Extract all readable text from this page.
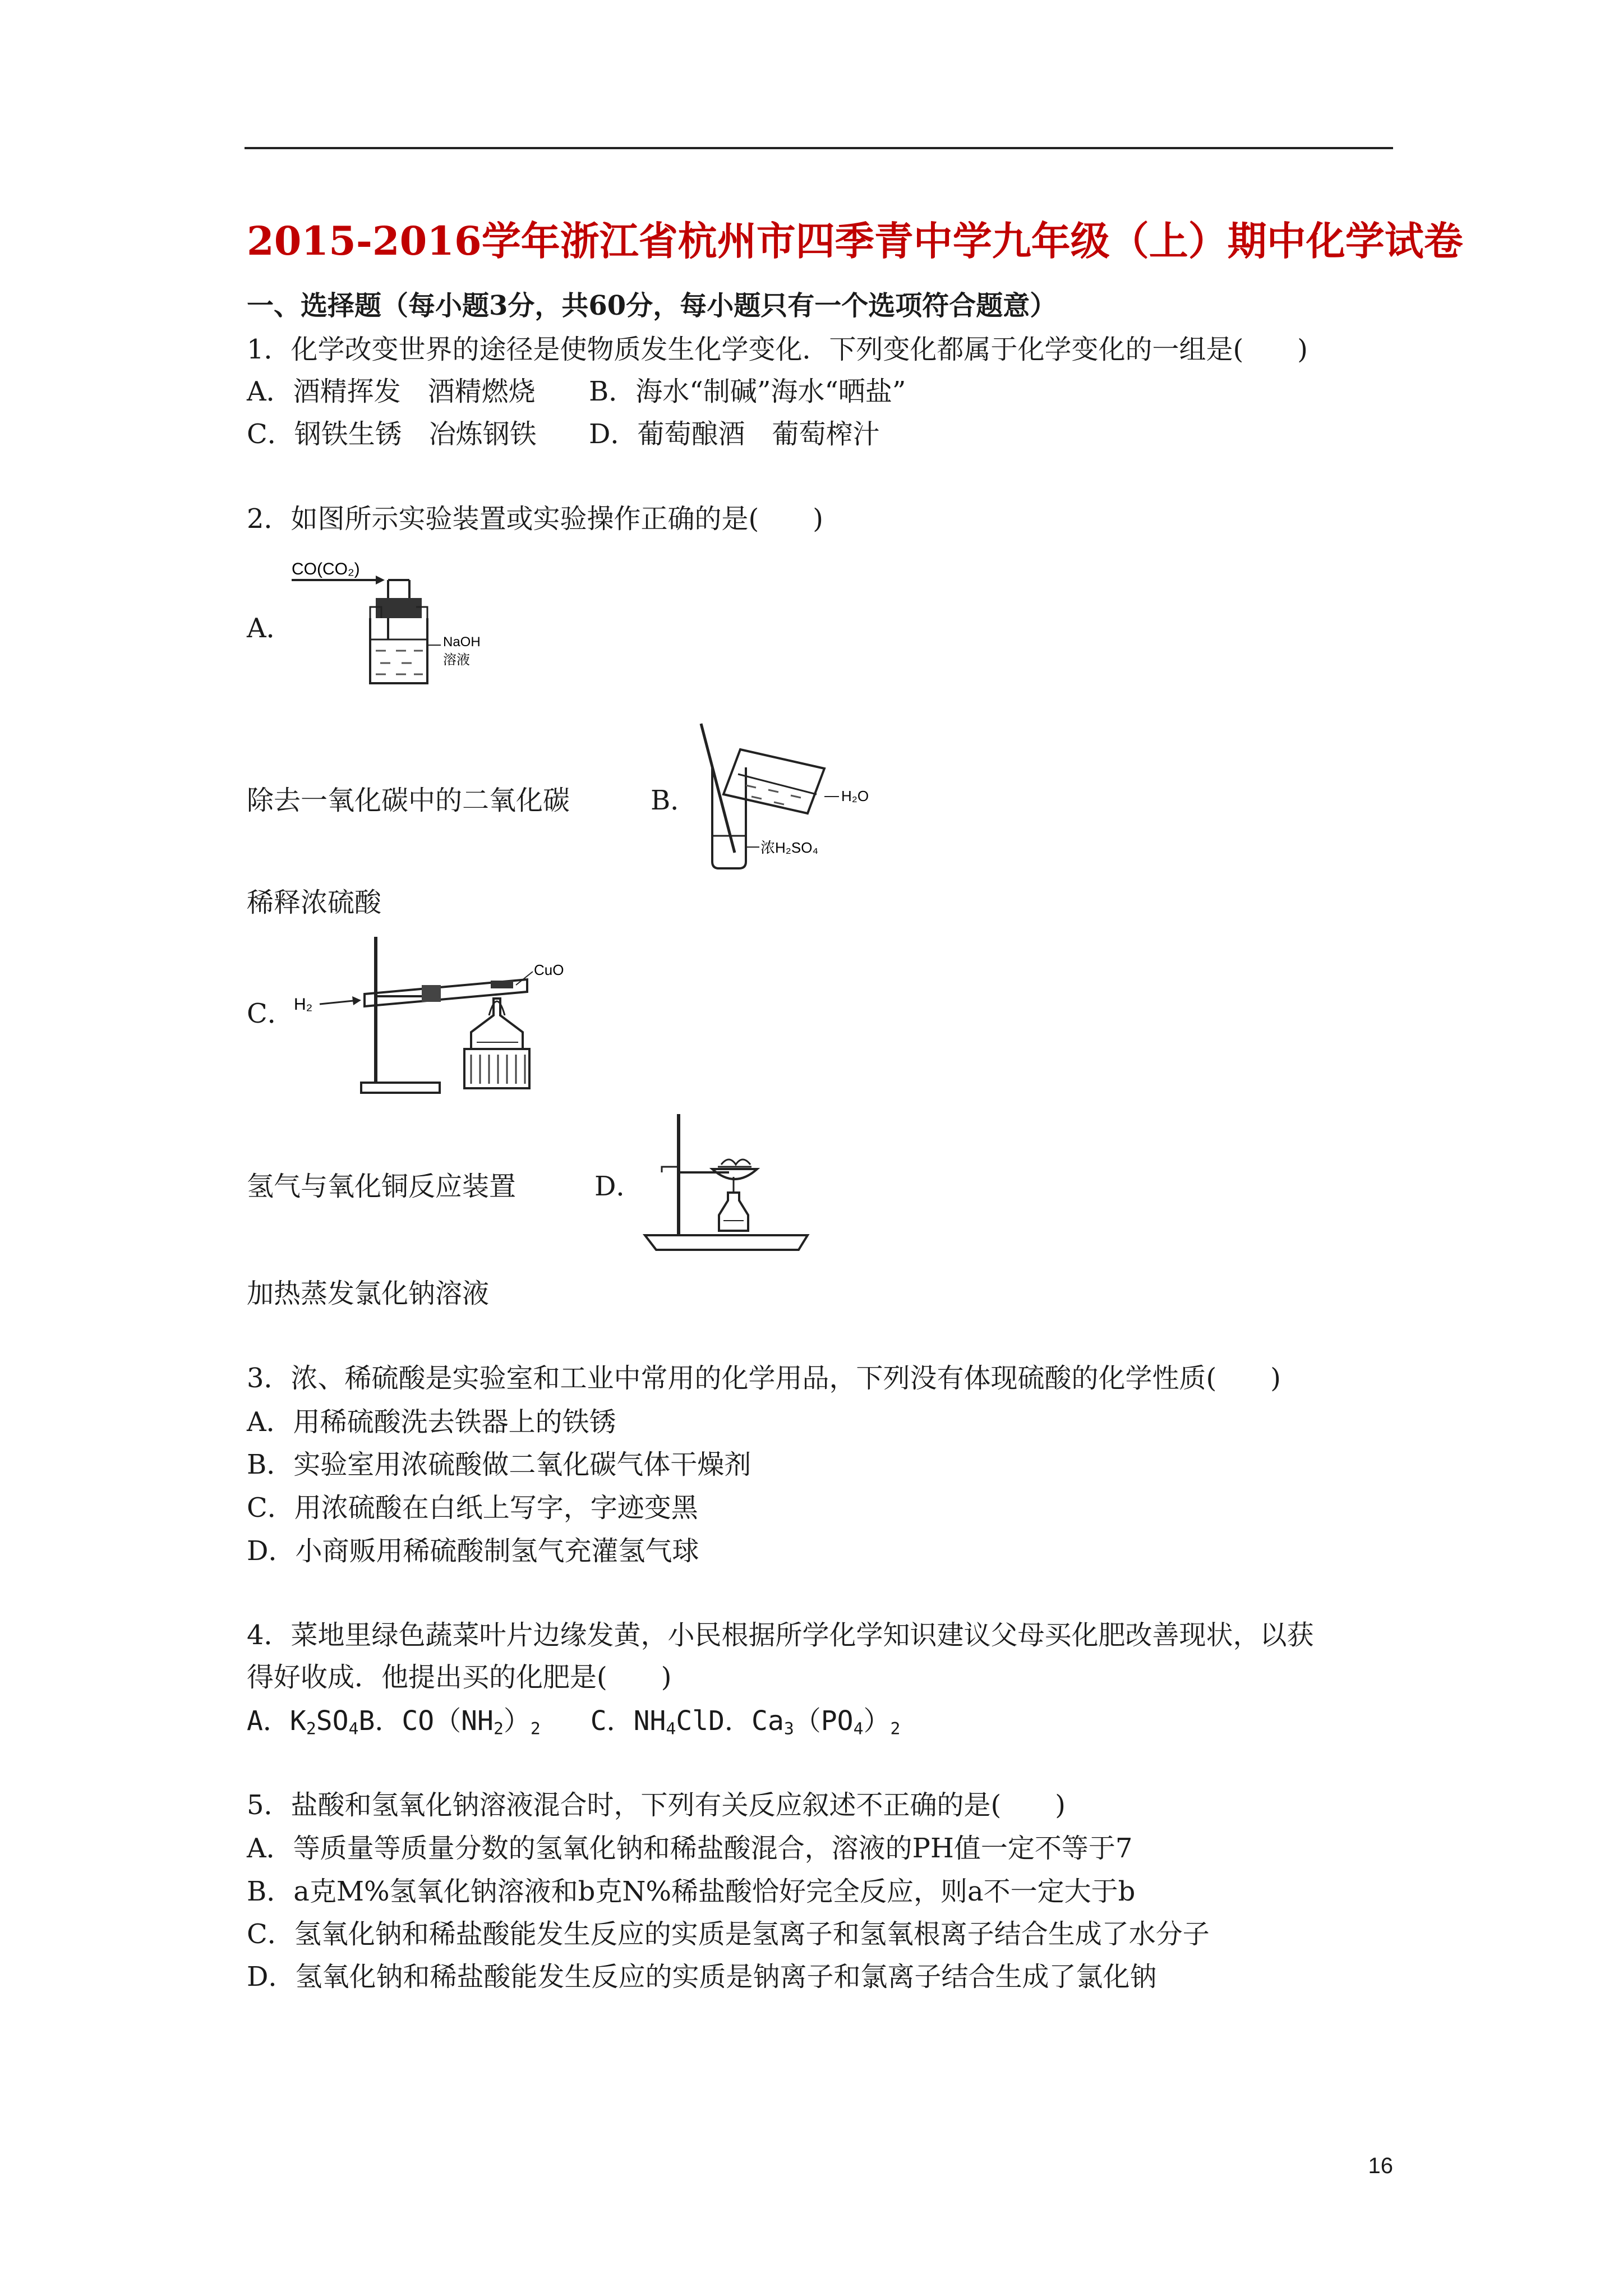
2015-2016学年浙江省杭州市四季青中学九年级（上）期中化学试卷
一、选择题（每小题3分，共60分，每小题只有一个选项符合题意）
1．化学改变世界的途径是使物质发生化学变化．下列变化都属于化学变化的一组是(　　)
A．酒精挥发　酒精燃烧 B．海水“制碱”海水“晒盐”
C．钢铁生锈　冶炼钢铁 D．葡萄酿酒　葡萄榨汁
2．如图所示实验装置或实验操作正确的是(　　)
A．
CO(CO₂)
NaOH
溶液
除去一氧化碳中的二氧化碳	B．	H₂O
浓H₂SO₄
稀释浓硫酸
C． H₂
CuO
氢气与氧化铜反应装置	D．
加热蒸发氯化钠溶液
3．浓、稀硫酸是实验室和工业中常用的化学用品，下列没有体现硫酸的化学性质(　　)
A．用稀硫酸洗去铁器上的铁锈
B．实验室用浓硫酸做二氧化碳气体干燥剂
C．用浓硫酸在白纸上写字，字迹变黑
D．小商贩用稀硫酸制氢气充灌氢气球
4．菜地里绿色蔬菜叶片边缘发黄，小民根据所学化学知识建议父母买化肥改善现状，以获
得好收成．他提出买的化肥是(　　)
A．$K_2SO_4B$．$CO(NH_2)_2$ C．$NH_4ClD$．$Ca_3(PO_4)_2$
5．盐酸和氢氧化钠溶液混合时，下列有关反应叙述不正确的是(　　)
A．等质量等质量分数的氢氧化钠和稀盐酸混合，溶液的PH值一定不等于7
B．a克M%氢氧化钠溶液和b克N%稀盐酸恰好完全反应，则a不一定大于b
C．氢氧化钠和稀盐酸能发生反应的实质是氢离子和氢氧根离子结合生成了水分子
D．氢氧化钠和稀盐酸能发生反应的实质是钠离子和氯离子结合生成了氯化钠
16
